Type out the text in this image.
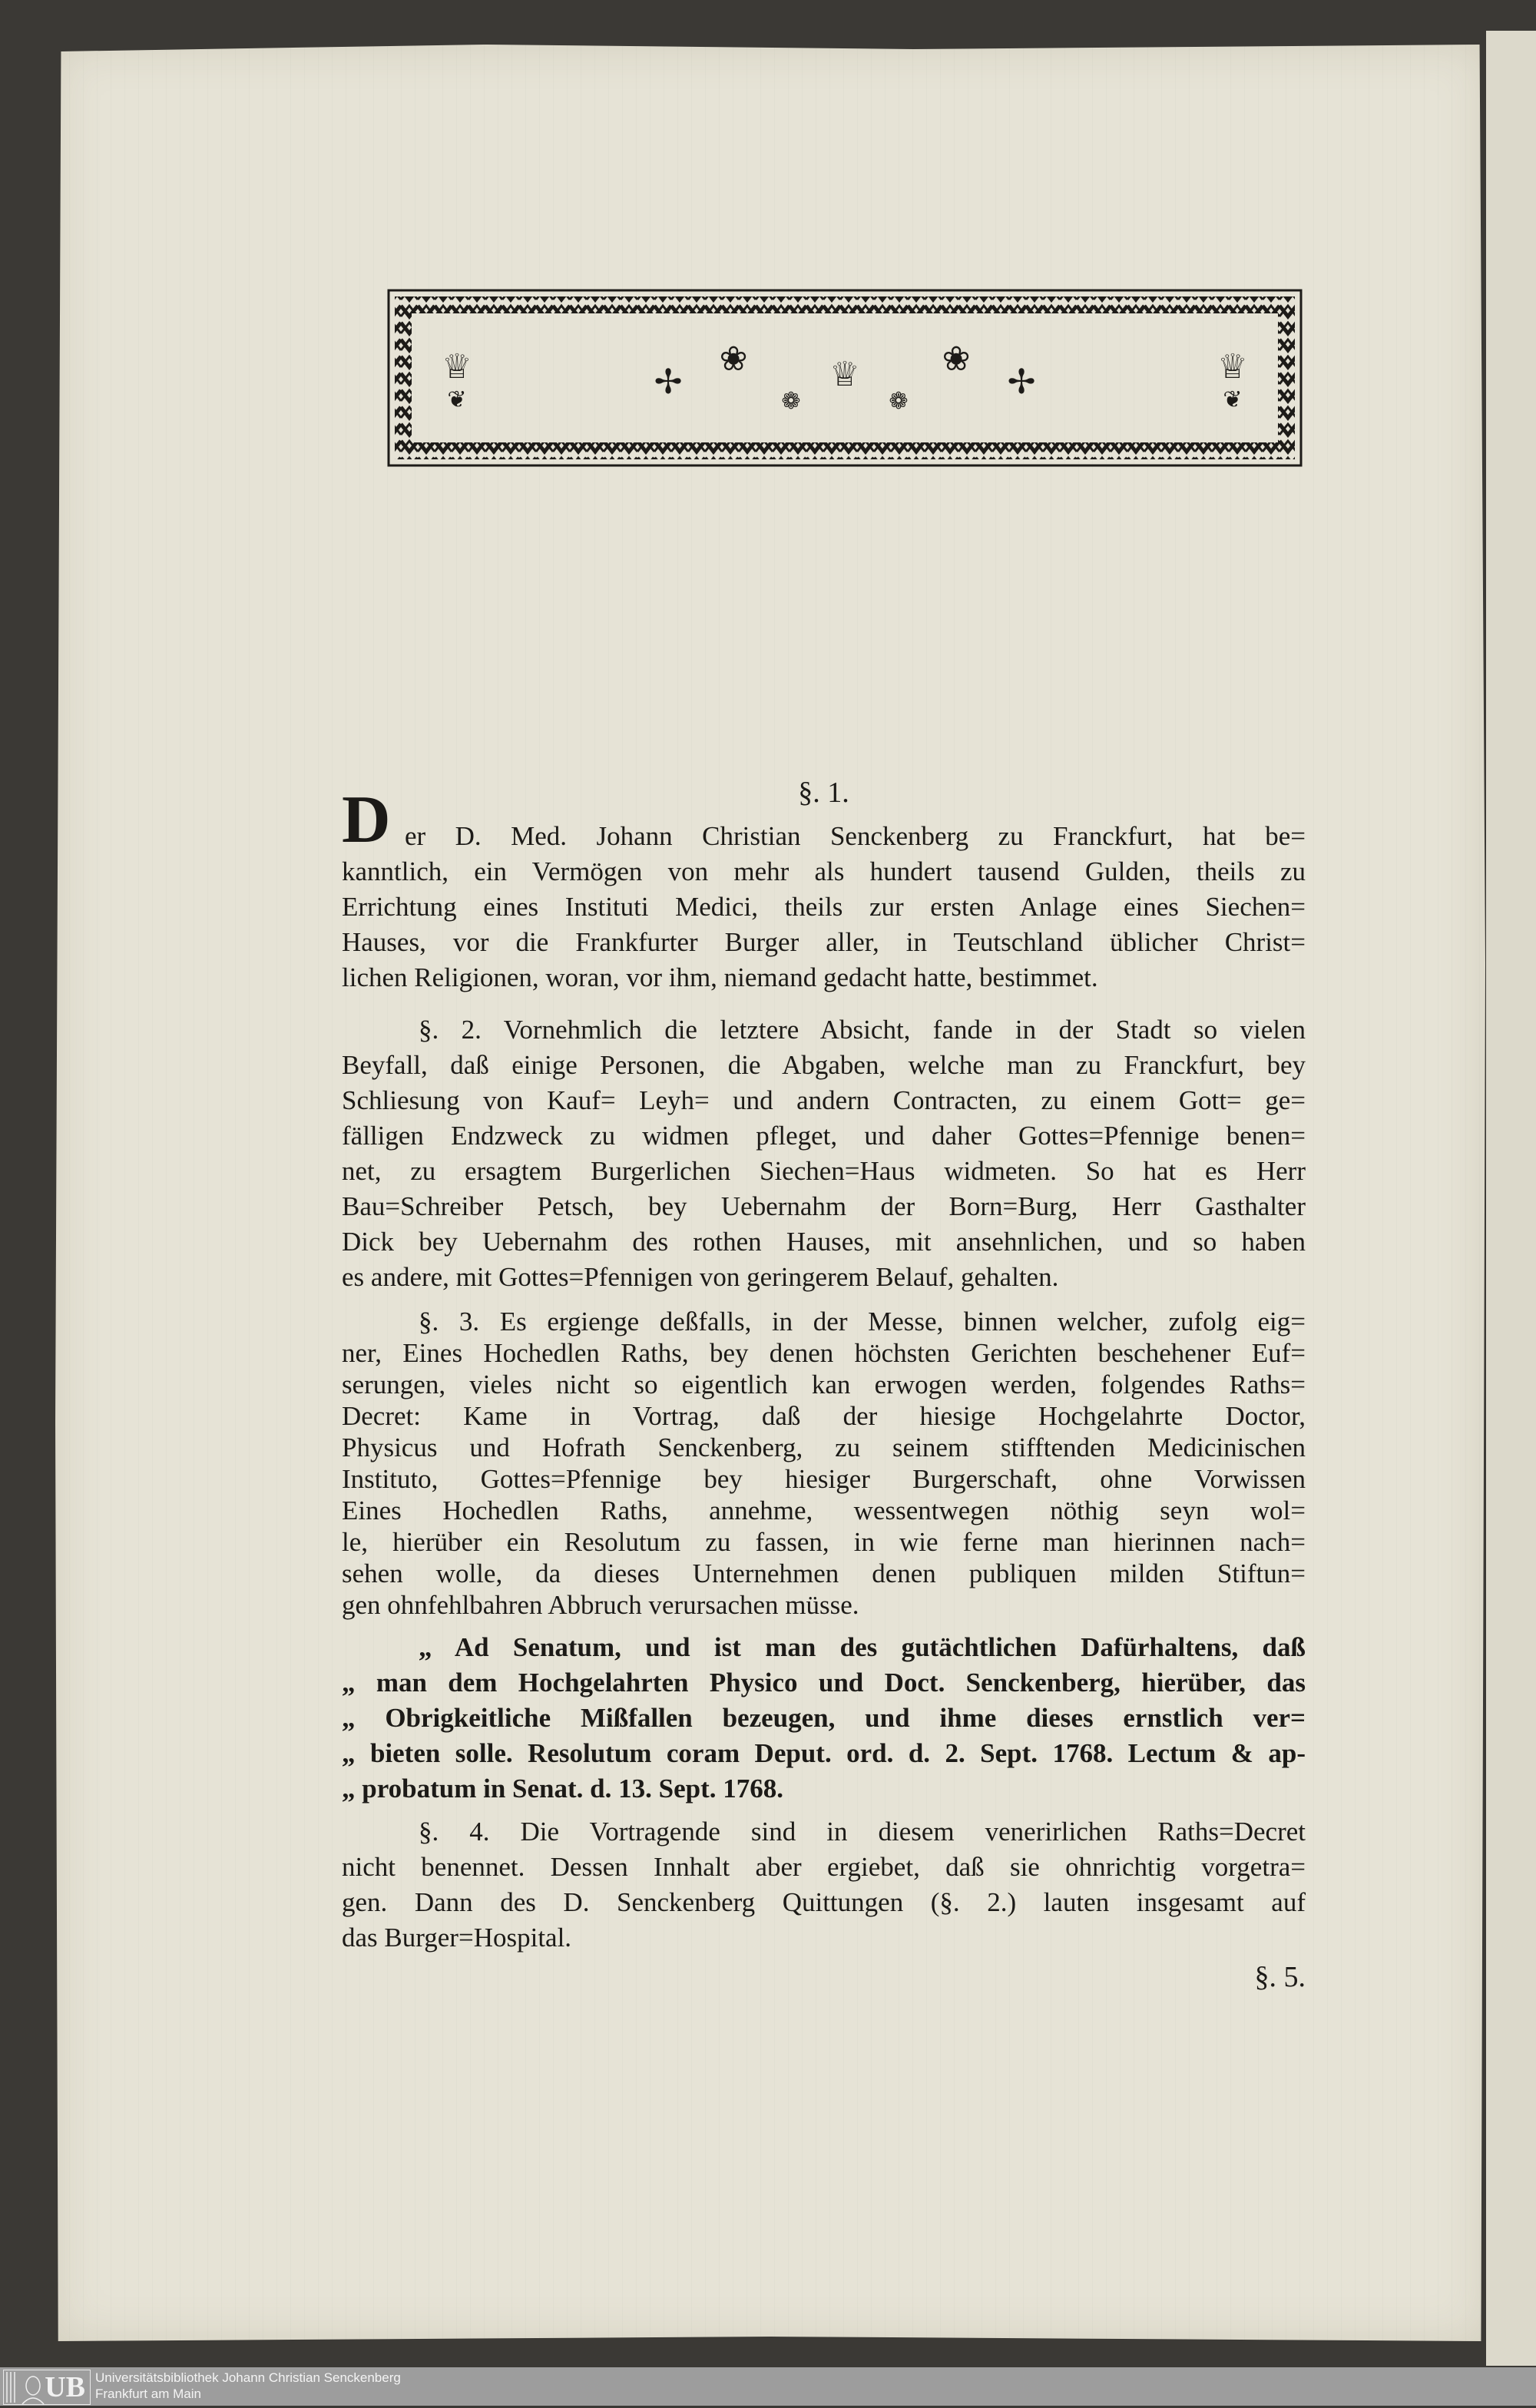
♕
❦	✢
❀ ♕
❁	❁
❀
✢	♕
❦
§. 1.
D er D. Med. Johann Christian Senckenberg zu Franckfurt, hat be=
kanntlich, ein Vermögen von mehr als hundert tausend Gulden, theils zu
Errichtung eines Instituti Medici, theils zur ersten Anlage eines Siechen=
Hauses, vor die Frankfurter Burger aller, in Teutschland üblicher Christ=
lichen Religionen, woran, vor ihm, niemand gedacht hatte, bestimmet.
§. 2. Vornehmlich die letztere Absicht, fande in der Stadt so vielen
Beyfall, daß einige Personen, die Abgaben, welche man zu Franckfurt, bey
Schliesung von Kauf= Leyh= und andern Contracten, zu einem Gott= ge=
fälligen Endzweck zu widmen pfleget, und daher Gottes=Pfennige benen=
net, zu ersagtem Burgerlichen Siechen=Haus widmeten. So hat es Herr
Bau=Schreiber Petsch, bey Uebernahm der Born=Burg, Herr Gasthalter
Dick bey Uebernahm des rothen Hauses, mit ansehnlichen, und so haben
es andere, mit Gottes=Pfennigen von geringerem Belauf, gehalten.
§. 3. Es ergienge deßfalls, in der Messe, binnen welcher, zufolg eig=
ner, Eines Hochedlen Raths, bey denen höchsten Gerichten beschehener Euf=
serungen, vieles nicht so eigentlich kan erwogen werden, folgendes Raths=
Decret: Kame in Vortrag, daß der hiesige Hochgelahrte Doctor,
Physicus und Hofrath Senckenberg, zu seinem stifftenden Medicinischen
Instituto, Gottes=Pfennige bey hiesiger Burgerschaft, ohne Vorwissen
Eines Hochedlen Raths, annehme, wessentwegen nöthig seyn wol=
le, hierüber ein Resolutum zu fassen, in wie ferne man hierinnen nach=
sehen wolle, da dieses Unternehmen denen publiquen milden Stiftun=
gen ohnfehlbahren Abbruch verursachen müsse.
„ Ad Senatum, und ist man des gutächtlichen Dafürhaltens, daß
„ man dem Hochgelahrten Physico und Doct. Senckenberg, hierüber, das
„ Obrigkeitliche Mißfallen bezeugen, und ihme dieses ernstlich ver=
„ bieten solle. Resolutum coram Deput. ord. d. 2. Sept. 1768. Lectum & ap-
„ probatum in Senat. d. 13. Sept. 1768.
§. 4. Die Vortragende sind in diesem venerirlichen Raths=Decret
nicht benennet. Dessen Innhalt aber ergiebet, daß sie ohnrichtig vorgetra=
gen. Dann des D. Senckenberg Quittungen (§. 2.) lauten insgesamt auf
das Burger=Hospital.
§. 5.
UB Universitätsbibliothek Johann Christian Senckenberg
Frankfurt am Main
